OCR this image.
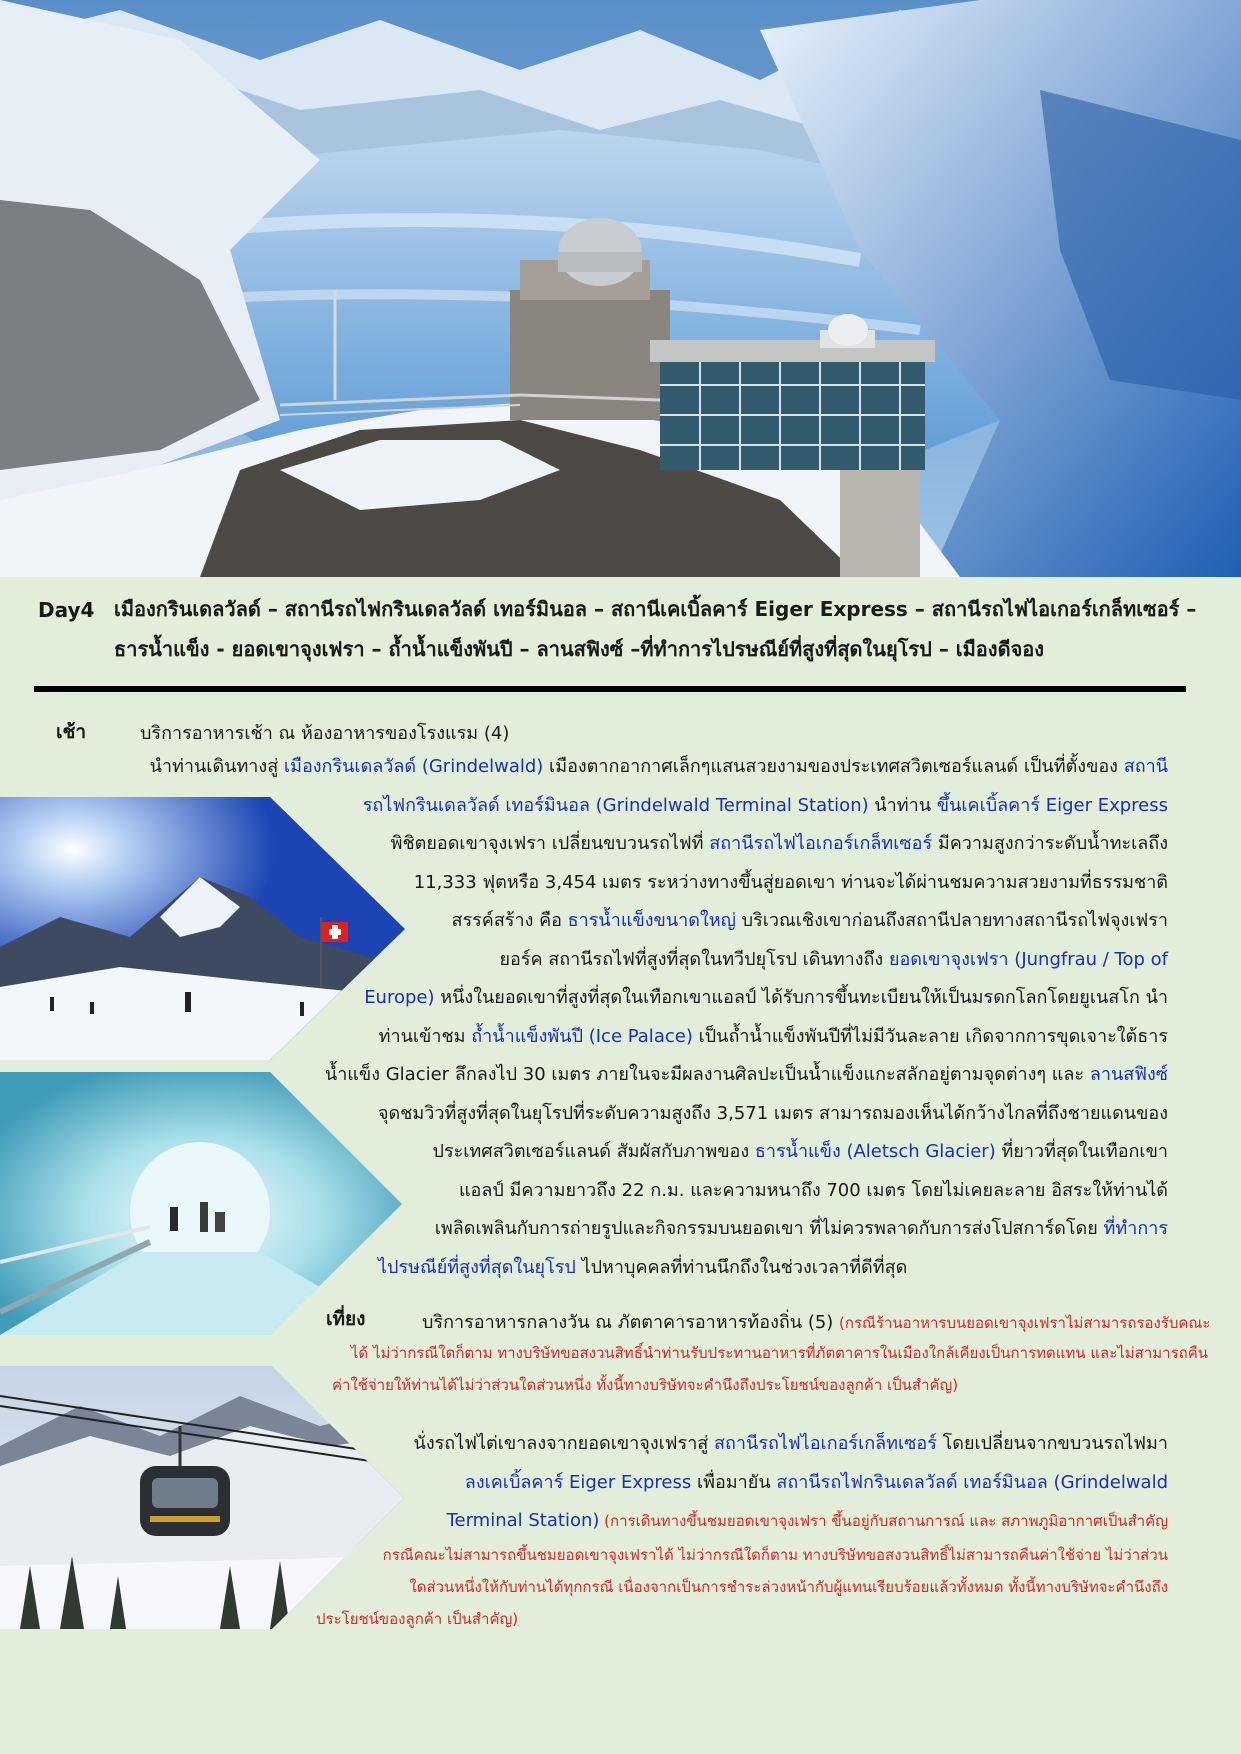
Day4 เมืองกรินเดลวัลด์ – สถานีรถไฟกรินเดลวัลด์ เทอร์มินอล – สถานีเคเบิ้ลคาร์ Eiger Express – สถานีรถไฟไอเกอร์เกล็ทเซอร์ –
ธารน้ำแข็ง - ยอดเขาจุงเฟรา – ถ้ำน้ำแข็งพันปี – ลานสฟิงซ์ –ที่ทำการไปรษณีย์ที่สูงที่สุดในยุโรป – เมืองดีจอง
เช้า	บริการอาหารเช้า ณ ห้องอาหารของโรงแรม (4)
นำท่านเดินทางสู่ เมืองกรินเดลวัลด์ (Grindelwald) เมืองตากอากาศเล็กๆแสนสวยงามของประเทศสวิตเซอร์แลนด์ เป็นที่ตั้งของ สถานี
รถไฟกรินเดลวัลด์ เทอร์มินอล (Grindelwald Terminal Station) นำท่าน ขึ้นเคเบิ้ลคาร์ Eiger Express
พิชิตยอดเขาจุงเฟรา เปลี่ยนขบวนรถไฟที่ สถานีรถไฟไอเกอร์เกล็ทเซอร์ มีความสูงกว่าระดับน้ำทะเลถึง
11,333 ฟุตหรือ 3,454 เมตร ระหว่างทางขึ้นสู่ยอดเขา ท่านจะได้ผ่านชมความสวยงามที่ธรรมชาติ
สรรค์สร้าง คือ ธารน้ำแข็งขนาดใหญ่ บริเวณเชิงเขาก่อนถึงสถานีปลายทางสถานีรถไฟจุงเฟรา
ยอร์ค สถานีรถไฟที่สูงที่สุดในทวีปยุโรป เดินทางถึง ยอดเขาจุงเฟรา (Jungfrau / Top of
Europe) หนึ่งในยอดเขาที่สูงที่สุดในเทือกเขาแอลป์ ได้รับการขึ้นทะเบียนให้เป็นมรดกโลกโดยยูเนสโก นำ
ท่านเข้าชม ถ้ำน้ำแข็งพันปี (Ice Palace) เป็นถ้ำน้ำแข็งพันปีที่ไม่มีวันละลาย เกิดจากการขุดเจาะใต้ธาร
น้ำแข็ง Glacier ลึกลงไป 30 เมตร ภายในจะมีผลงานศิลปะเป็นน้ำแข็งแกะสลักอยู่ตามจุดต่างๆ และ ลานสฟิงซ์
จุดชมวิวที่สูงที่สุดในยุโรปที่ระดับความสูงถึง 3,571 เมตร สามารถมองเห็นได้กว้างไกลที่ถึงชายแดนของ
ประเทศสวิตเซอร์แลนด์ สัมผัสกับภาพของ ธารน้ำแข็ง (Aletsch Glacier) ที่ยาวที่สุดในเทือกเขา
แอลป์ มีความยาวถึง 22 ก.ม. และความหนาถึง 700 เมตร โดยไม่เคยละลาย อิสระให้ท่านได้
เพลิดเพลินกับการถ่ายรูปและกิจกรรมบนยอดเขา ที่ไม่ควรพลาดกับการส่งโปสการ์ดโดย ที่ทำการ
ไปรษณีย์ที่สูงที่สุดในยุโรป ไปหาบุคคลที่ท่านนึกถึงในช่วงเวลาที่ดีที่สุด
เที่ยง	บริการอาหารกลางวัน ณ ภัตตาคารอาหารท้องถิ่น (5) (กรณีร้านอาหารบนยอดเขาจุงเฟราไม่สามารถรองรับคณะ
ได้ ไม่ว่ากรณีใดก็ตาม ทางบริษัทขอสงวนสิทธิ์นำท่านรับประทานอาหารที่ภัตตาคารในเมืองใกล้เคียงเป็นการทดแทน และไม่สามารถคืน
ค่าใช้จ่ายให้ท่านได้ไม่ว่าส่วนใดส่วนหนึ่ง ทั้งนี้ทางบริษัทจะคำนึงถึงประโยชน์ของลูกค้า เป็นสำคัญ)
นั่งรถไฟไต่เขาลงจากยอดเขาจุงเฟราสู่ สถานีรถไฟไอเกอร์เกล็ทเซอร์ โดยเปลี่ยนจากขบวนรถไฟมา
ลงเคเบิ้ลคาร์ Eiger Express เพื่อมายัน สถานีรถไฟกรินเดลวัลด์ เทอร์มินอล (Grindelwald
Terminal Station) (การเดินทางขึ้นชมยอดเขาจุงเฟรา ขึ้นอยู่กับสถานการณ์ และ สภาพภูมิอากาศเป็นสำคัญ
กรณีคณะไม่สามารถขึ้นชมยอดเขาจุงเฟราได้ ไม่ว่ากรณีใดก็ตาม ทางบริษัทขอสงวนสิทธิ์ไม่สามารถคืนค่าใช้จ่าย ไม่ว่าส่วน
ใดส่วนหนึ่งให้กับท่านได้ทุกกรณี เนื่องจากเป็นการชำระล่วงหน้ากับผู้แทนเรียบร้อยแล้วทั้งหมด ทั้งนี้ทางบริษัทจะคำนึงถึง
ประโยชน์ของลูกค้า เป็นสำคัญ)
